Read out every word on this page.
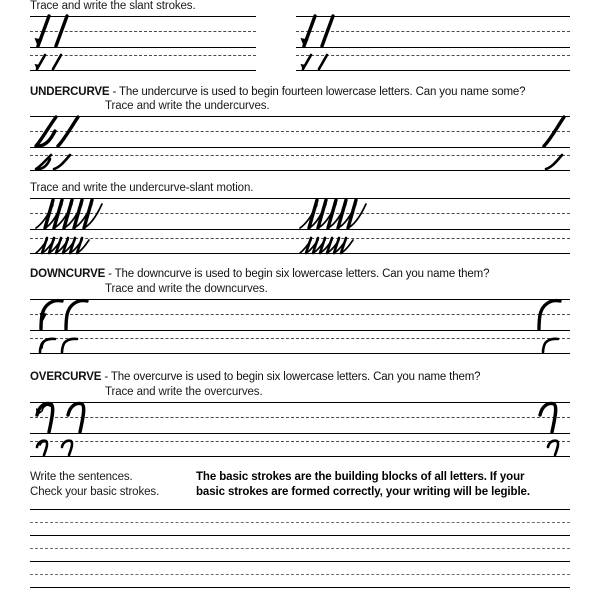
Trace and write the slant strokes.
UNDERCURVE - The undercurve is used to begin fourteen lowercase letters. Can you name some?
Trace and write the undercurves.
Trace and write the undercurve-slant motion.
DOWNCURVE - The downcurve is used to begin six lowercase letters. Can you name them?
Trace and write the downcurves.
OVERCURVE - The overcurve is used to begin six lowercase letters. Can you name them?
Trace and write the overcurves.
Write the sentences.
Check your basic strokes.
The basic strokes are the building blocks of all letters. If your
basic strokes are formed correctly, your writing will be legible.
